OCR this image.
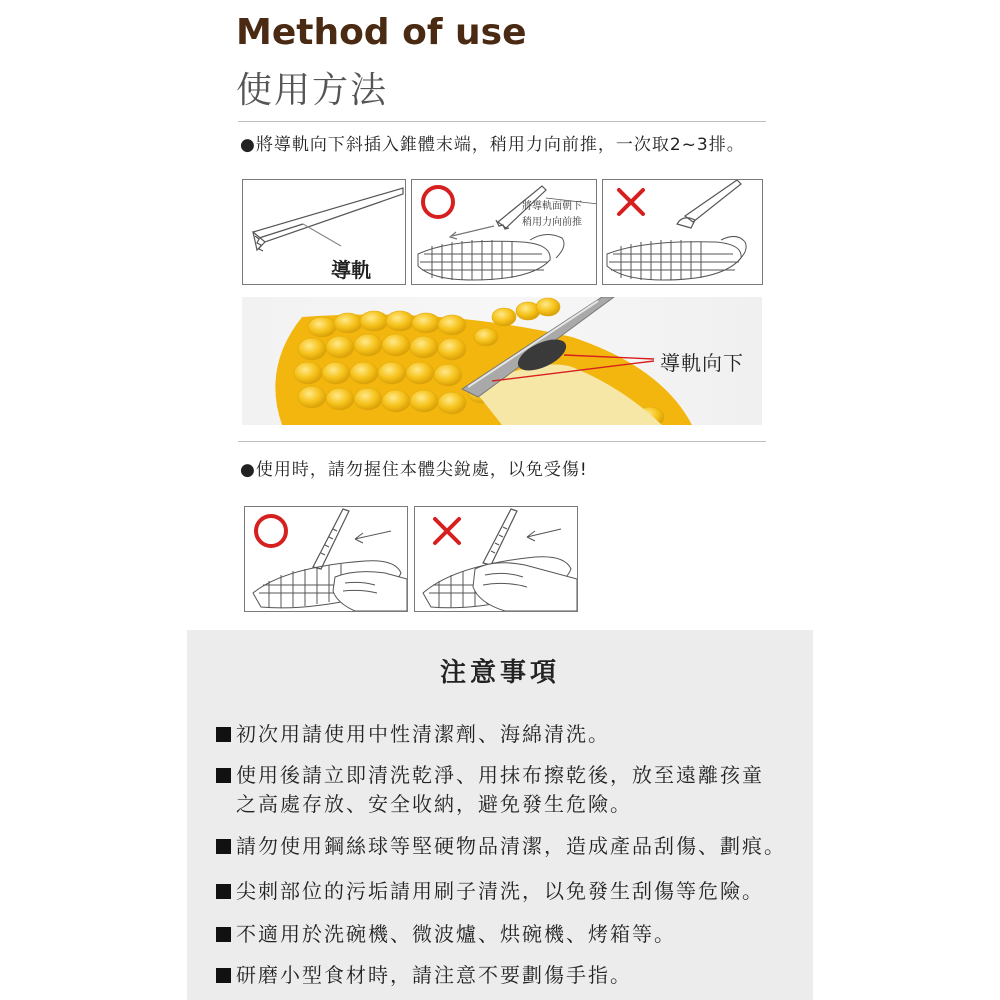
Method of use
使用方法
●將導軌向下斜插入錐體末端，稍用力向前推，一次取2~3排。
導軌
將導軌面朝下
稍用力向前推
導軌向下
●使用時，請勿握住本體尖銳處，以免受傷!
注意事項
初次用請使用中性清潔劑、海綿清洗。
使用後請立即清洗乾淨、用抹布擦乾後，放至遠離孩童
之高處存放、安全收納，避免發生危險。
請勿使用鋼絲球等堅硬物品清潔，造成產品刮傷、劃痕。
尖刺部位的污垢請用刷子清洗，以免發生刮傷等危險。
不適用於洗碗機、微波爐、烘碗機、烤箱等。
研磨小型食材時，請注意不要劃傷手指。
